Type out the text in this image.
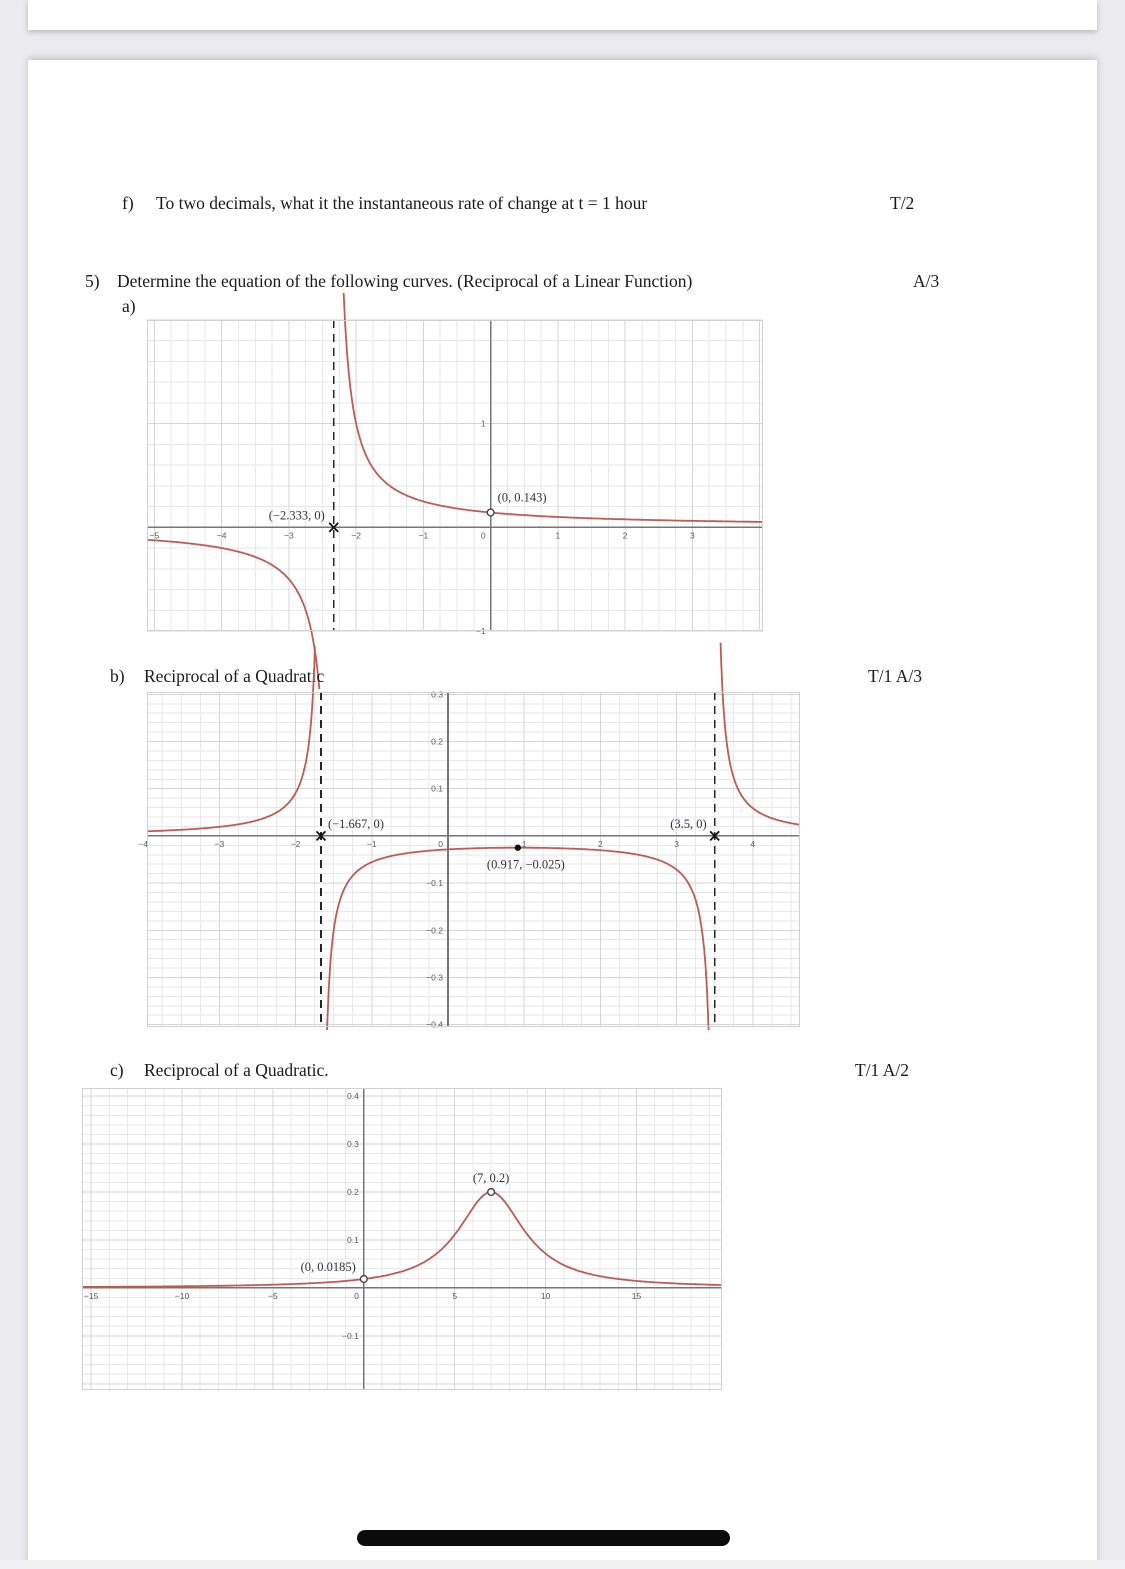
f) To two decimals, what it the instantaneous rate of change at t = 1 hour	T/2
5) Determine the equation of the following curves. (Reciprocal of a Linear Function)	A/3
a)
−5	−4	−3	−2	−1	1	2	3
−1
1
0
(−2.333, 0)
(0, 0.143)
b) Reciprocal of a Quadratic	T/1 A/3
−4	−3	−2	−1	1	2	3	4
−0.4
−0.3
−0.2
−0.1
0.1
0.2
0.3
0
(−1.667, 0)	(3.5, 0)
(0.917, −0.025)
c) Reciprocal of a Quadratic.	T/1 A/2
−15	−10	−5	5	10	15
−0.1
0.1
0.2
0.3
0.4
0
(7, 0.2)
(0, 0.0185)
